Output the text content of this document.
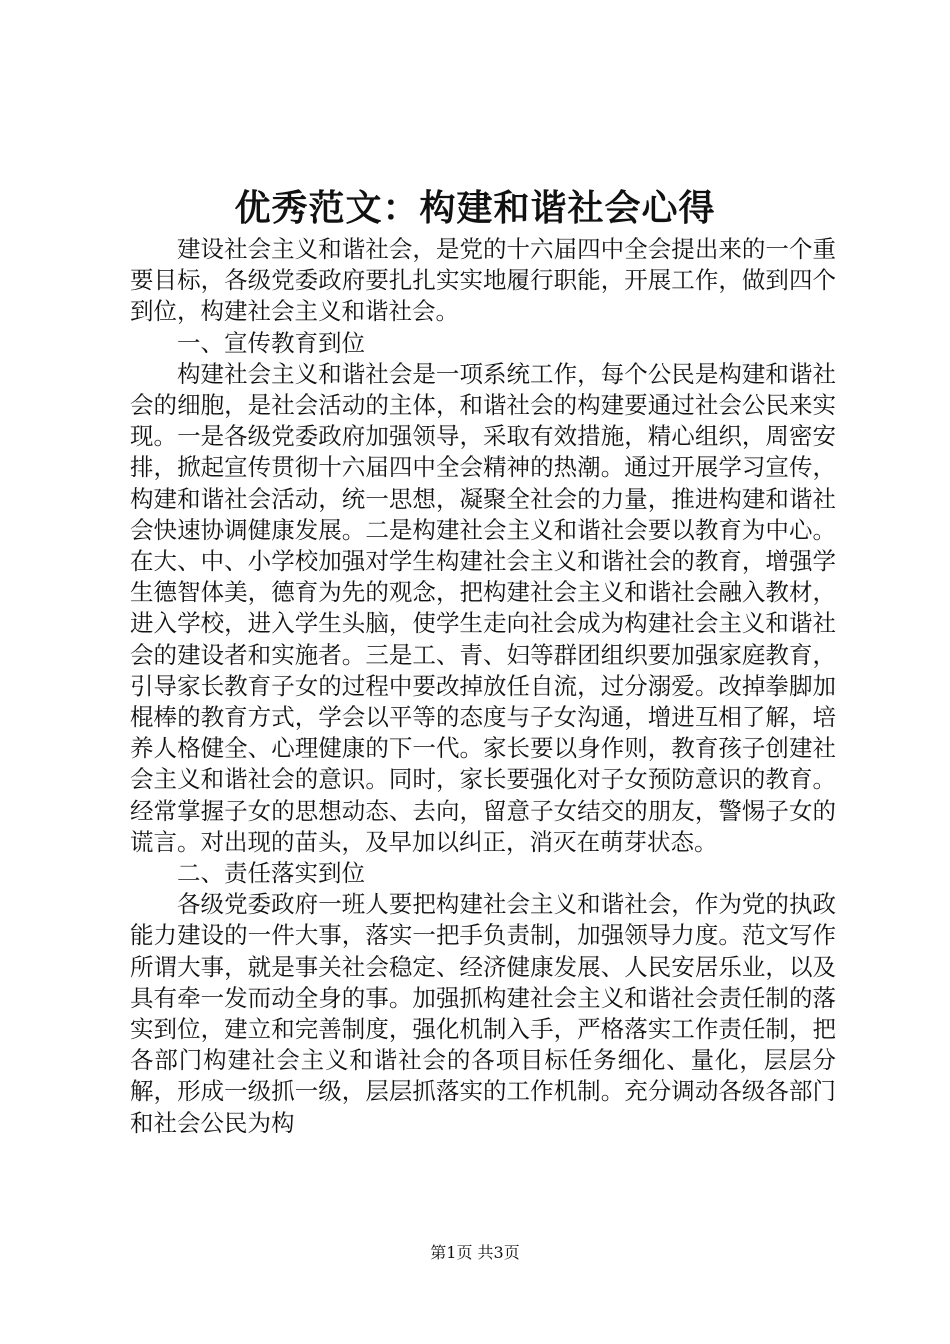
优秀范文：构建和谐社会心得

建设社会主义和谐社会，是党的十六届四中全会提出来的一个重要目标，各级党委政府要扎扎实实地履行职能，开展工作，做到四个到位，构建社会主义和谐社会。

一、宣传教育到位

构建社会主义和谐社会是一项系统工作，每个公民是构建和谐社会的细胞，是社会活动的主体，和谐社会的构建要通过社会公民来实现。一是各级党委政府加强领导，采取有效措施，精心组织，周密安排，掀起宣传贯彻十六届四中全会精神的热潮。通过开展学习宣传，构建和谐社会活动，统一思想，凝聚全社会的力量，推进构建和谐社会快速协调健康发展。二是构建社会主义和谐社会要以教育为中心。在大、中、小学校加强对学生构建社会主义和谐社会的教育，增强学生德智体美，德育为先的观念，把构建社会主义和谐社会融入教材，进入学校，进入学生头脑，使学生走向社会成为构建社会主义和谐社会的建设者和实施者。三是工、青、妇等群团组织要加强家庭教育，引导家长教育子女的过程中要改掉放任自流，过分溺爱。改掉拳脚加棍棒的教育方式，学会以平等的态度与子女沟通，增进互相了解，培养人格健全、心理健康的下一代。家长要以身作则，教育孩子创建社会主义和谐社会的意识。同时，家长要强化对子女预防意识的教育。经常掌握子女的思想动态、去向，留意子女结交的朋友，警惕子女的谎言。对出现的苗头，及早加以纠正，消灭在萌芽状态。

二、责任落实到位

各级党委政府一班人要把构建社会主义和谐社会，作为党的执政能力建设的一件大事，落实一把手负责制，加强领导力度。范文写作所谓大事，就是事关社会稳定、经济健康发展、人民安居乐业，以及具有牵一发而动全身的事。加强抓构建社会主义和谐社会责任制的落实到位，建立和完善制度，强化机制入手，严格落实工作责任制，把各部门构建社会主义和谐社会的各项目标任务细化、量化，层层分解，形成一级抓一级，层层抓落实的工作机制。充分调动各级各部门和社会公民为构

第1页 共3页
